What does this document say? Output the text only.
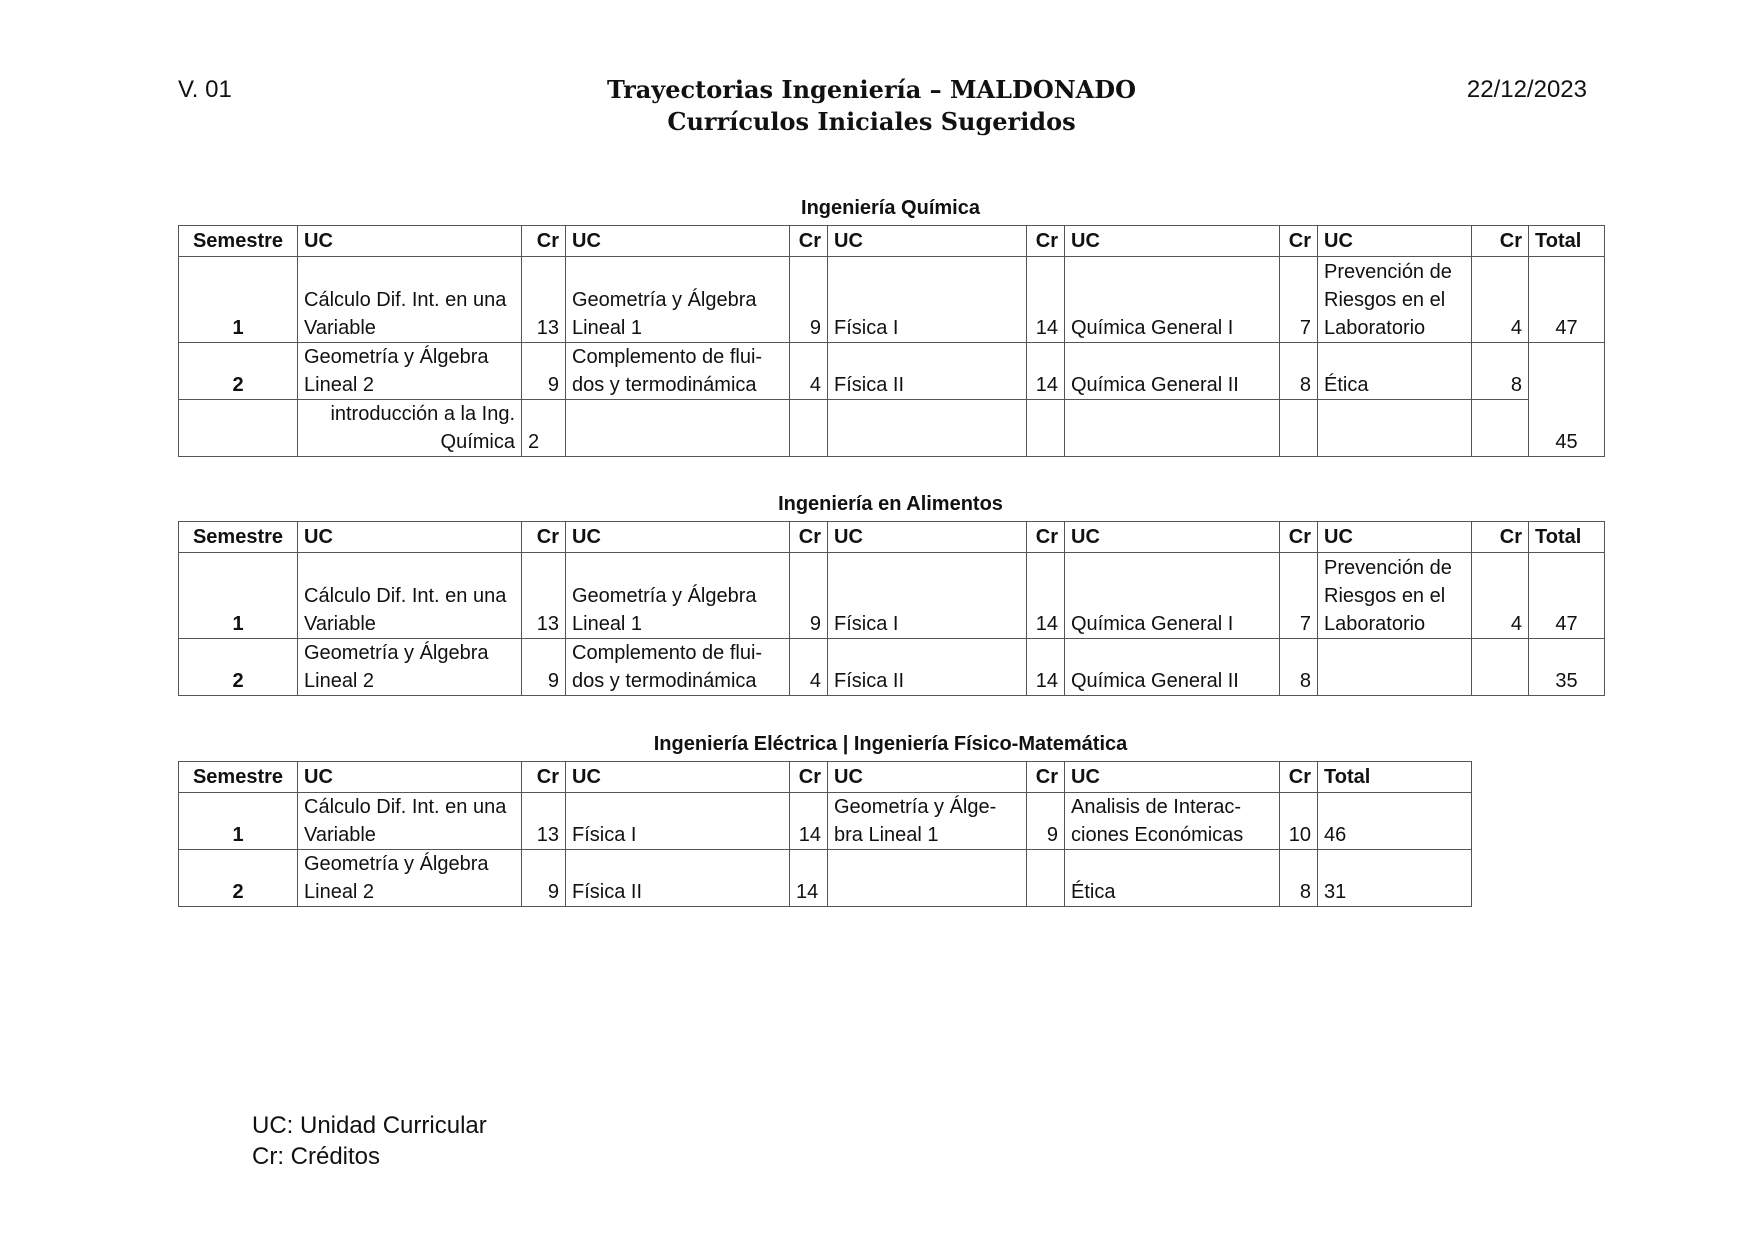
V. 01	Trayectorias Ingeniería – MALDONADO
Currículos Iniciales Sugeridos
22/12/2023
Ingeniería Química
Semestre	UC	Cr	UC	Cr	UC	Cr	UC	Cr	UC	Cr	Total
1	Cálculo Dif. Int. en una Variable	13	Geometría y Álgebra Lineal 1	9	Física I	14	Química General I	7	Prevención de Riesgos en el Laboratorio	4	47
2	Geometría y Álgebra Lineal 2	9	Complemento de flui-dos y termodinámica	4	Física II	14	Química General II	8	Ética	8	45
	introducción a la Ing. Química	2									
Ingeniería en Alimentos
Semestre	UC	Cr	UC	Cr	UC	Cr	UC	Cr	UC	Cr	Total
1	Cálculo Dif. Int. en una Variable	13	Geometría y Álgebra Lineal 1	9	Física I	14	Química General I	7	Prevención de Riesgos en el Laboratorio	4	47
2	Geometría y Álgebra Lineal 2	9	Complemento de flui-dos y termodinámica	4	Física II	14	Química General II	8			35
Ingeniería Eléctrica | Ingeniería Físico-Matemática
Semestre	UC	Cr	UC	Cr	UC	Cr	UC	Cr	Total
1	Cálculo Dif. Int. en una Variable	13	Física I	14	Geometría y Álge-bra Lineal 1	9	Analisis de Interac-ciones Económicas	10	46
2	Geometría y Álgebra Lineal 2	9	Física II	14			Ética	8	31
UC: Unidad Curricular
Cr: Créditos
